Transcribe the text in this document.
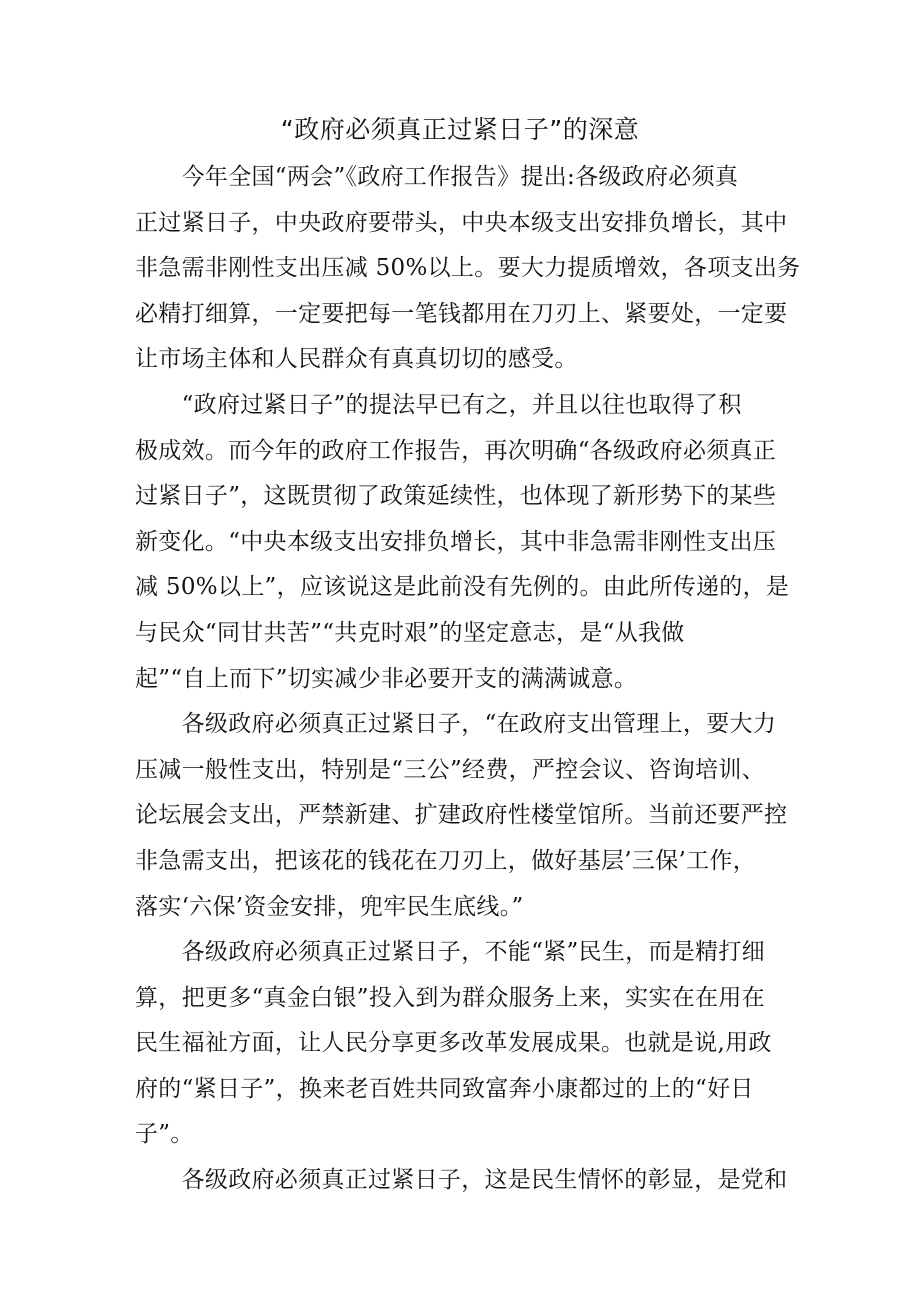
“政府必须真正过紧日子”的深意
　　今年全国“两会”《政府工作报告》提出:各级政府必须真
正过紧日子，中央政府要带头，中央本级支出安排负增长，其中
非急需非刚性支出压减 50%以上。要大力提质增效，各项支出务
必精打细算，一定要把每一笔钱都用在刀刃上、紧要处，一定要
让市场主体和人民群众有真真切切的感受。
　　“政府过紧日子”的提法早已有之，并且以往也取得了积
极成效。而今年的政府工作报告，再次明确“各级政府必须真正
过紧日子”，这既贯彻了政策延续性，也体现了新形势下的某些
新变化。“中央本级支出安排负增长，其中非急需非刚性支出压
减 50%以上”，应该说这是此前没有先例的。由此所传递的，是
与民众“同甘共苦”“共克时艰”的坚定意志，是“从我做
起”“自上而下”切实减少非必要开支的满满诚意。
　　各级政府必须真正过紧日子，“在政府支出管理上，要大力
压减一般性支出，特别是“三公”经费，严控会议、咨询培训、
论坛展会支出，严禁新建、扩建政府性楼堂馆所。当前还要严控
非急需支出，把该花的钱花在刀刃上，做好基层’三保’工作，
落实‘六保’资金安排，兜牢民生底线。”
　　各级政府必须真正过紧日子，不能“紧”民生，而是精打细
算，把更多“真金白银”投入到为群众服务上来，实实在在用在
民生福祉方面，让人民分享更多改革发展成果。也就是说,用政
府的“紧日子”，换来老百姓共同致富奔小康都过的上的“好日
子”。
　　各级政府必须真正过紧日子，这是民生情怀的彰显，是党和
